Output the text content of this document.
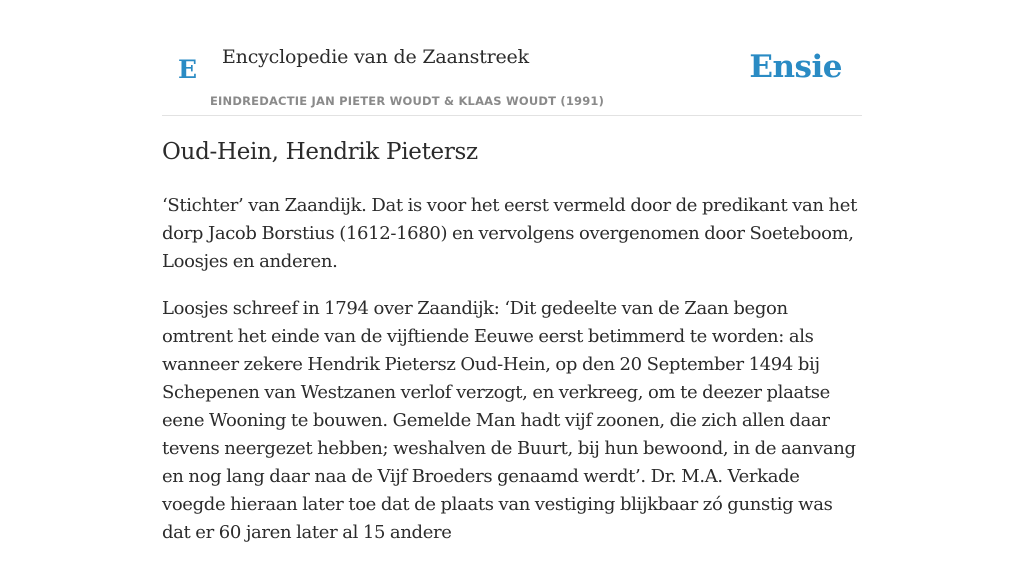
E Encyclopedie van de Zaanstreek
EINDREDACTIE JAN PIETER WOUDT & KLAAS WOUDT (1991)
Ensie
Oud-Hein, Hendrik Pietersz

‘Stichter’ van Zaandijk. Dat is voor het eerst vermeld door de predikant van het dorp Jacob Borstius (1612-1680) en vervolgens overgenomen door Soeteboom, Loosjes en anderen.

Loosjes schreef in 1794 over Zaandijk: ‘Dit gedeelte van de Zaan begon omtrent het einde van de vijftiende Eeuwe eerst betimmerd te worden: als wanneer zekere Hendrik Pietersz Oud-Hein, op den 20 September 1494 bij Schepenen van Westzanen verlof verzogt, en verkreeg, om te deezer plaatse eene Wooning te bouwen. Gemelde Man hadt vijf zoonen, die zich allen daar tevens neergezet hebben; weshalven de Buurt, bij hun bewoond, in de aanvang en nog lang daar naa de Vijf Broeders genaamd werdt’. Dr. M.A. Verkade voegde hieraan later toe dat de plaats van vestiging blijkbaar zó gunstig was dat er 60 jaren later al 15 andere
